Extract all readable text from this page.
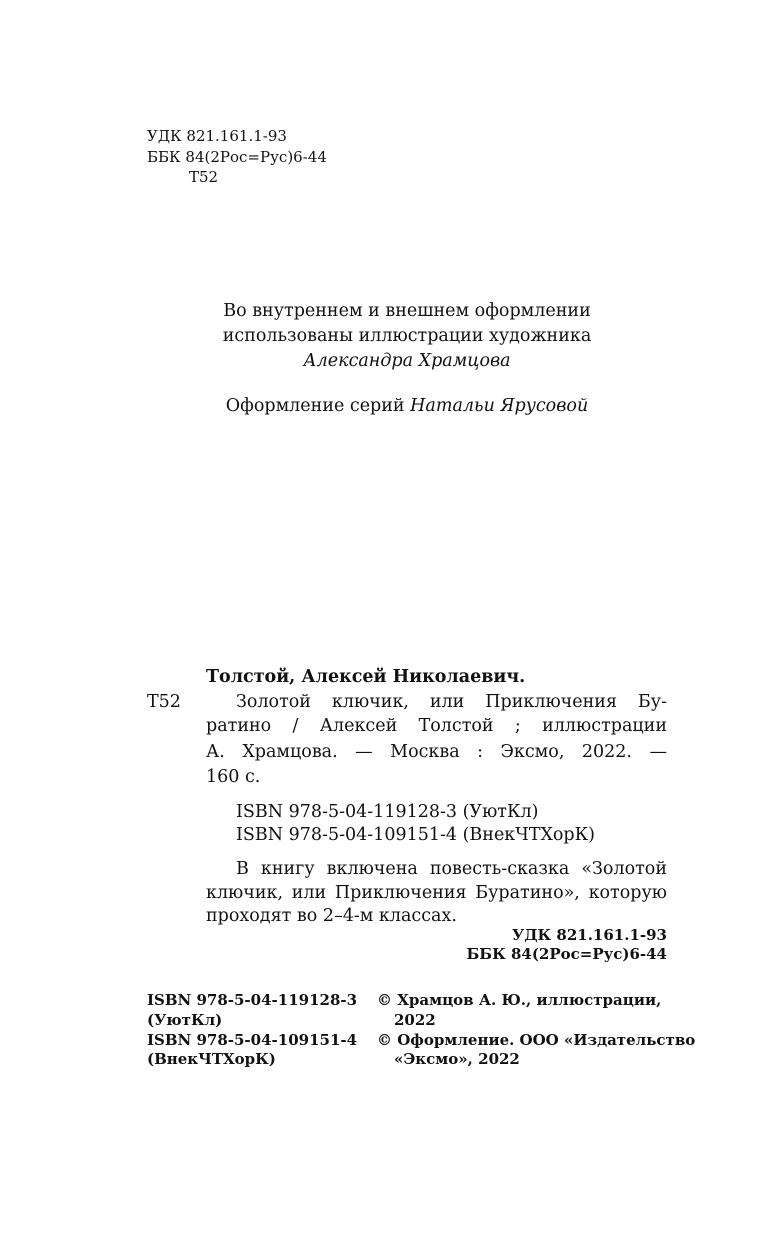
УДК 821.161.1-93
ББК 84(2Рос=Рус)6-44
Т52
Во внутреннем и внешнем оформлении
использованы иллюстрации художника
Александра Храмцова
Оформление серий Натальи Ярусовой
Толстой, Алексей Николаевич.
Т52	Золотой ключик, или Приключения Бу-
ратино / Алексей Толстой ; иллюстрации
А. Храмцова. — Москва : Эксмо, 2022. —
160 с.
ISBN 978-5-04-119128-3 (УютКл)
ISBN 978-5-04-109151-4 (ВнекЧТХорК)
В книгу включена повесть-сказка «Золотой
ключик, или Приключения Буратино», которую
проходят во 2–4-м классах.
УДК 821.161.1-93
ББК 84(2Рос=Рус)6-44
ISBN 978-5-04-119128-3
(УютКл)
ISBN 978-5-04-109151-4
(ВнекЧТХорК)
© Храмцов А. Ю., иллюстрации,
2022
© Оформление. ООО «Издательство
«Эксмо», 2022
